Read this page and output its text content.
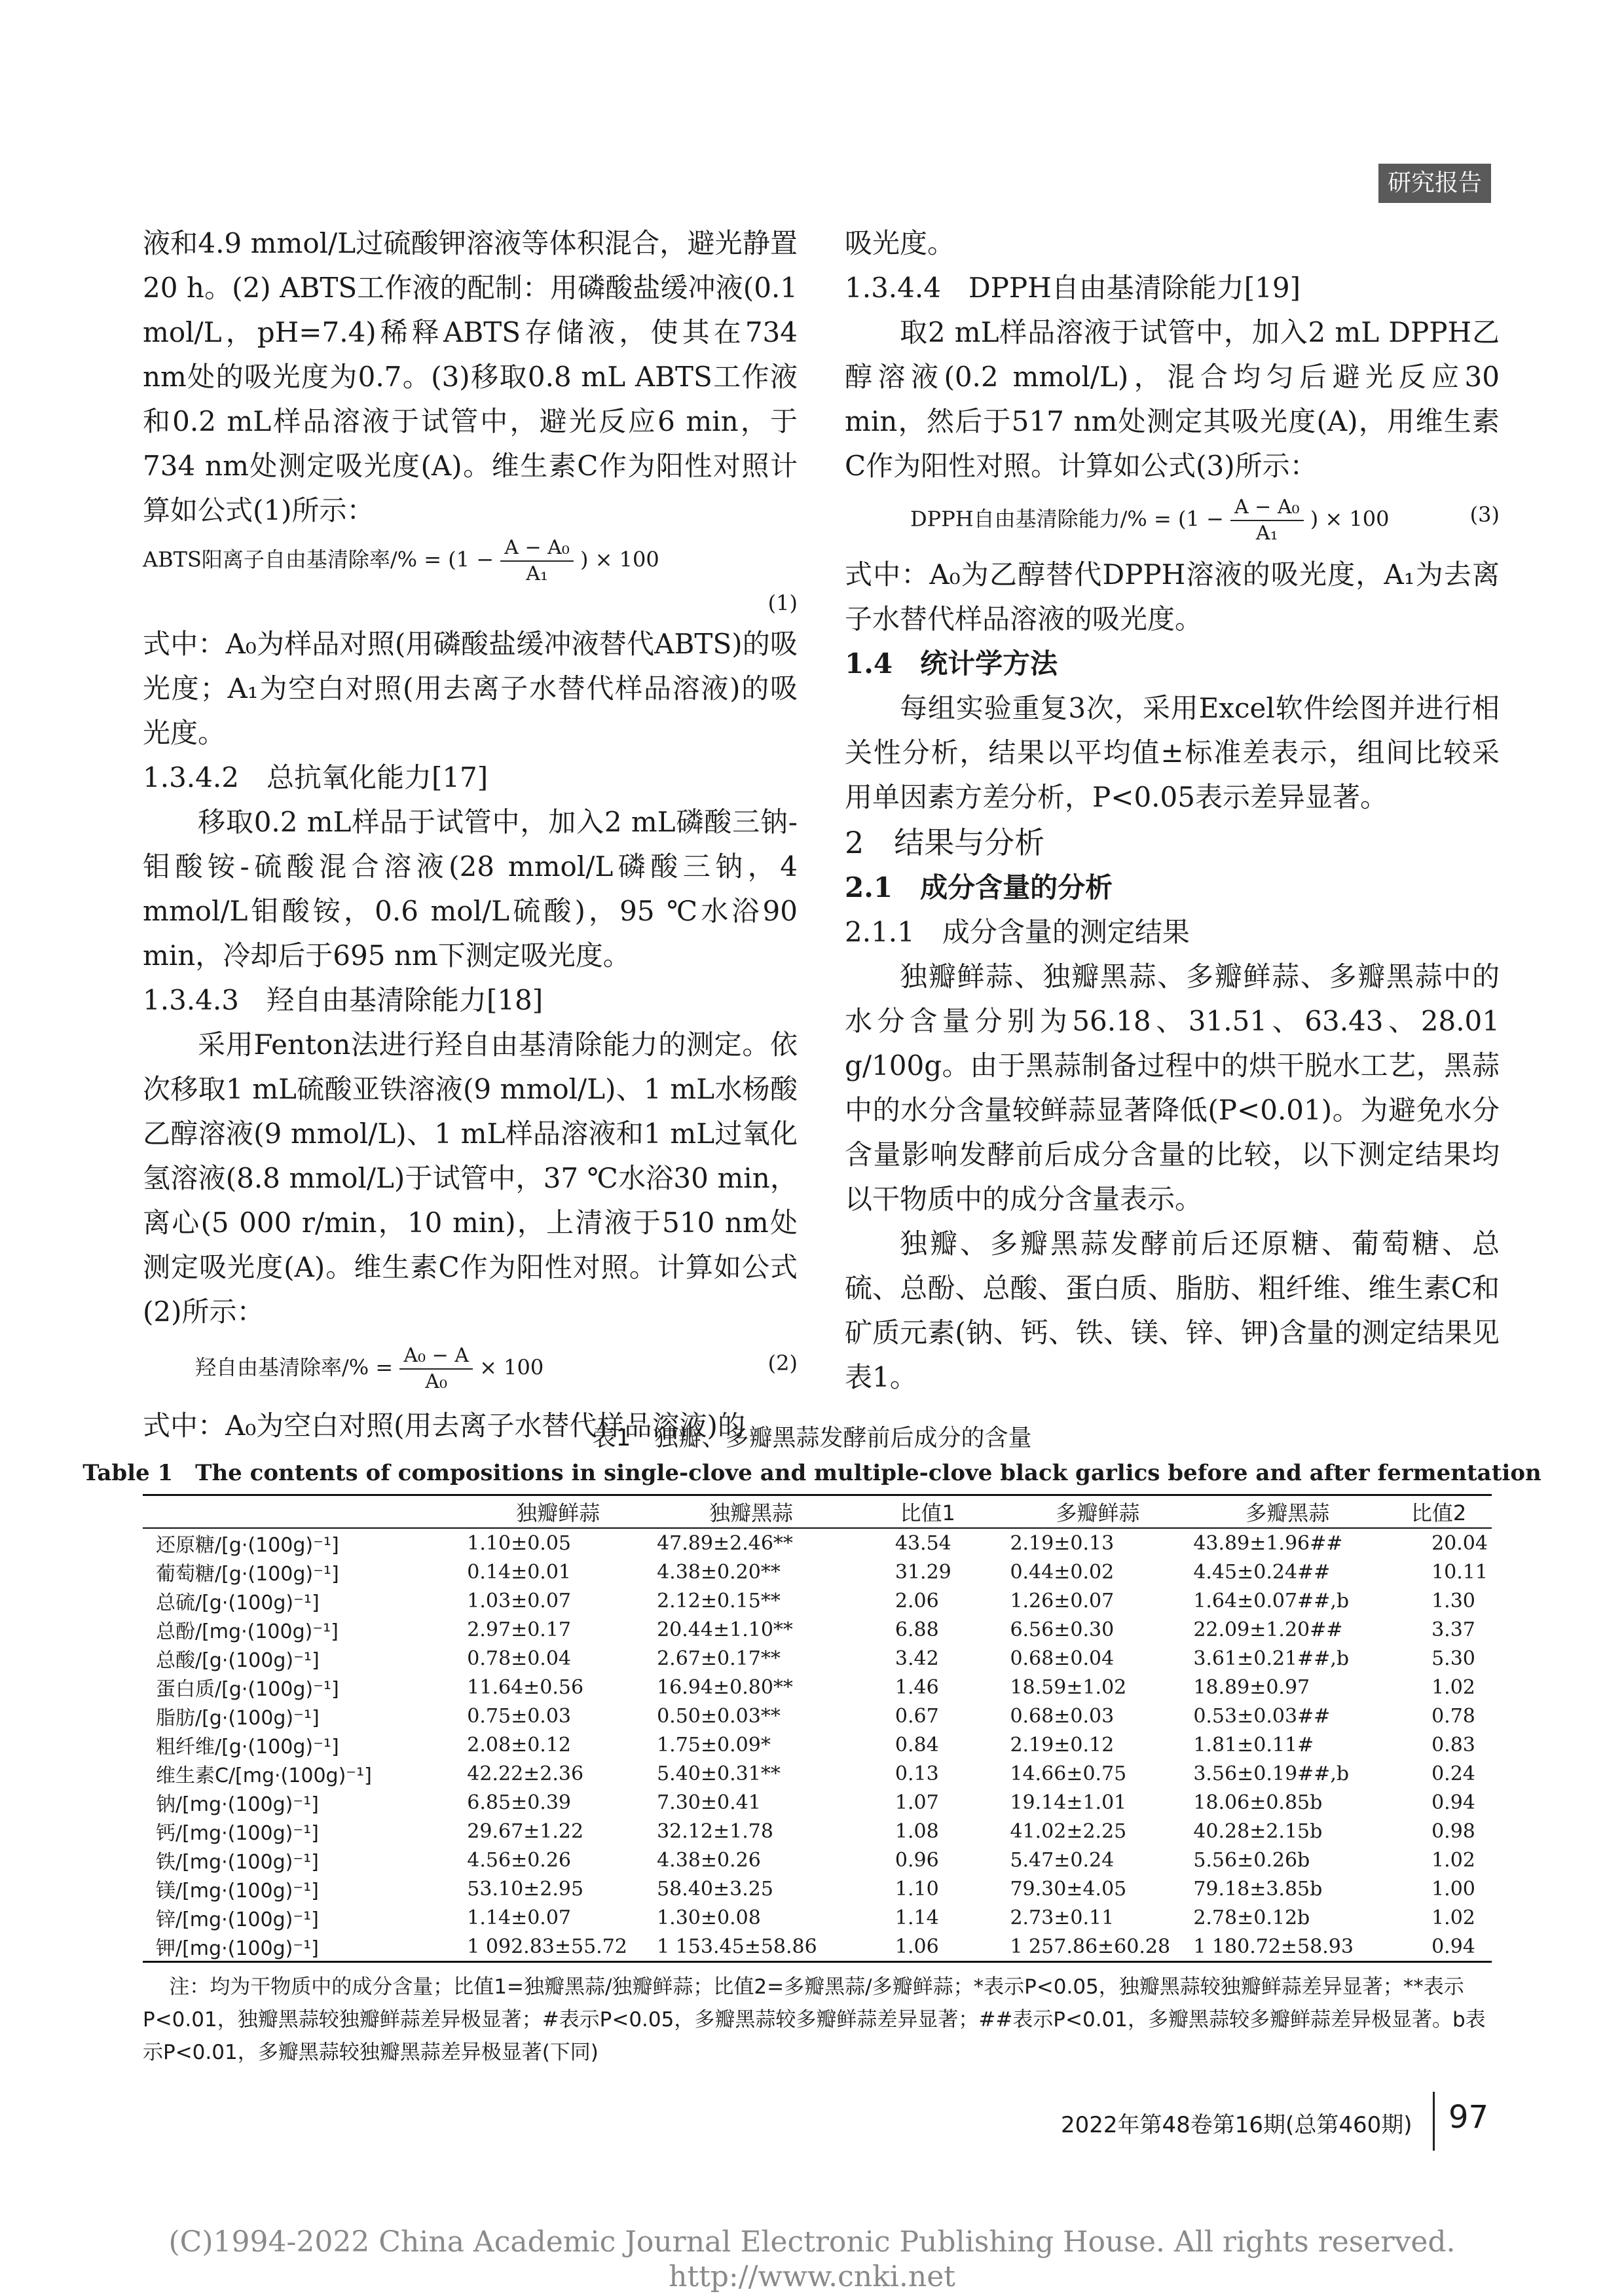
研究报告

液和4.9 mmol/L过硫酸钾溶液等体积混合，避光静置20 h。(2) ABTS工作液的配制：用磷酸盐缓冲液(0.1 mol/L，pH=7.4)稀释ABTS存储液，使其在734 nm处的吸光度为0.7。(3)移取0.8 mL ABTS工作液和0.2 mL样品溶液于试管中，避光反应6 min，于734 nm处测定吸光度(A)。维生素C作为阳性对照计算如公式(1)所示：

ABTS阳离子自由基清除率/% = ($1 - \frac{\text{A − A₀}}{\text{A₁}}$ ) × 100
(1)

式中：A₀为样品对照(用磷酸盐缓冲液替代ABTS)的吸光度；A₁为空白对照(用去离子水替代样品溶液)的吸光度。

1.3.4.2　总抗氧化能力[17]

移取0.2 mL样品于试管中，加入2 mL磷酸三钠-钼酸铵-硫酸混合溶液(28 mmol/L磷酸三钠，4 mmol/L钼酸铵，0.6 mol/L硫酸)，95 ℃水浴90 min，冷却后于695 nm下测定吸光度。

1.3.4.3　羟自由基清除能力[18]

采用Fenton法进行羟自由基清除能力的测定。依次移取1 mL硫酸亚铁溶液(9 mmol/L)、1 mL水杨酸乙醇溶液(9 mmol/L)、1 mL样品溶液和1 mL过氧化氢溶液(8.8 mmol/L)于试管中，37 ℃水浴30 min，离心(5 000 r/min，10 min)，上清液于510 nm处测定吸光度(A)。维生素C作为阳性对照。计算如公式(2)所示：

羟自由基清除率/% = $\frac{\text{A₀ − A}}{\text{A₀}} \times 100$	(2)

式中：A₀为空白对照(用去离子水替代样品溶液)的

吸光度。

1.3.4.4　DPPH自由基清除能力[19]

取2 mL样品溶液于试管中，加入2 mL DPPH乙醇溶液(0.2 mmol/L)，混合均匀后避光反应30 min，然后于517 nm处测定其吸光度(A)，用维生素C作为阳性对照。计算如公式(3)所示：

DPPH自由基清除能力/% = ($1 - \frac{\text{A − A₀}}{\text{A₁}}$ ) × 100	(3)

式中：A₀为乙醇替代DPPH溶液的吸光度，A₁为去离子水替代样品溶液的吸光度。

1.4　统计学方法

每组实验重复3次，采用Excel软件绘图并进行相关性分析，结果以平均值±标准差表示，组间比较采用单因素方差分析，P<0.05表示差异显著。

2　结果与分析

2.1　成分含量的分析

2.1.1　成分含量的测定结果

独瓣鲜蒜、独瓣黑蒜、多瓣鲜蒜、多瓣黑蒜中的水分含量分别为56.18、31.51、63.43、28.01 g/100g。由于黑蒜制备过程中的烘干脱水工艺，黑蒜中的水分含量较鲜蒜显著降低(P<0.01)。为避免水分含量影响发酵前后成分含量的比较，以下测定结果均以干物质中的成分含量表示。

独瓣、多瓣黑蒜发酵前后还原糖、葡萄糖、总硫、总酚、总酸、蛋白质、脂肪、粗纤维、维生素C和矿质元素(钠、钙、铁、镁、锌、钾)含量的测定结果见表1。

表1　独瓣、多瓣黑蒜发酵前后成分的含量
Table 1　The contents of compositions in single-clove and multiple-clove black garlics before and after fermentation
	独瓣鲜蒜	独瓣黑蒜	比值1	多瓣鲜蒜	多瓣黑蒜	比值2
还原糖/[g·(100g)⁻¹]	1.10±0.05	47.89±2.46**	43.54	2.19±0.13	43.89±1.96##	20.04
葡萄糖/[g·(100g)⁻¹]	0.14±0.01	4.38±0.20**	31.29	0.44±0.02	4.45±0.24##	10.11
总硫/[g·(100g)⁻¹]	1.03±0.07	2.12±0.15**	2.06	1.26±0.07	1.64±0.07##,b	1.30
总酚/[mg·(100g)⁻¹]	2.97±0.17	20.44±1.10**	6.88	6.56±0.30	22.09±1.20##	3.37
总酸/[g·(100g)⁻¹]	0.78±0.04	2.67±0.17**	3.42	0.68±0.04	3.61±0.21##,b	5.30
蛋白质/[g·(100g)⁻¹]	11.64±0.56	16.94±0.80**	1.46	18.59±1.02	18.89±0.97	1.02
脂肪/[g·(100g)⁻¹]	0.75±0.03	0.50±0.03**	0.67	0.68±0.03	0.53±0.03##	0.78
粗纤维/[g·(100g)⁻¹]	2.08±0.12	1.75±0.09*	0.84	2.19±0.12	1.81±0.11#	0.83
维生素C/[mg·(100g)⁻¹]	42.22±2.36	5.40±0.31**	0.13	14.66±0.75	3.56±0.19##,b	0.24
钠/[mg·(100g)⁻¹]	6.85±0.39	7.30±0.41	1.07	19.14±1.01	18.06±0.85b	0.94
钙/[mg·(100g)⁻¹]	29.67±1.22	32.12±1.78	1.08	41.02±2.25	40.28±2.15b	0.98
铁/[mg·(100g)⁻¹]	4.56±0.26	4.38±0.26	0.96	5.47±0.24	5.56±0.26b	1.02
镁/[mg·(100g)⁻¹]	53.10±2.95	58.40±3.25	1.10	79.30±4.05	79.18±3.85b	1.00
锌/[mg·(100g)⁻¹]	1.14±0.07	1.30±0.08	1.14	2.73±0.11	2.78±0.12b	1.02
钾/[mg·(100g)⁻¹]	1 092.83±55.72	1 153.45±58.86	1.06	1 257.86±60.28	1 180.72±58.93	0.94
注：均为干物质中的成分含量；比值1=独瓣黑蒜/独瓣鲜蒜；比值2=多瓣黑蒜/多瓣鲜蒜；*表示P<0.05，独瓣黑蒜较独瓣鲜蒜差异显著；**表示P<0.01，独瓣黑蒜较独瓣鲜蒜差异极显著；#表示P<0.05，多瓣黑蒜较多瓣鲜蒜差异显著；##表示P<0.01，多瓣黑蒜较多瓣鲜蒜差异极显著。b表示P<0.01，多瓣黑蒜较独瓣黑蒜差异极显著(下同)
2022年第48卷第16期(总第460期) 97
(C)1994-2022 China Academic Journal Electronic Publishing House. All rights reserved.　http://www.cnki.net
